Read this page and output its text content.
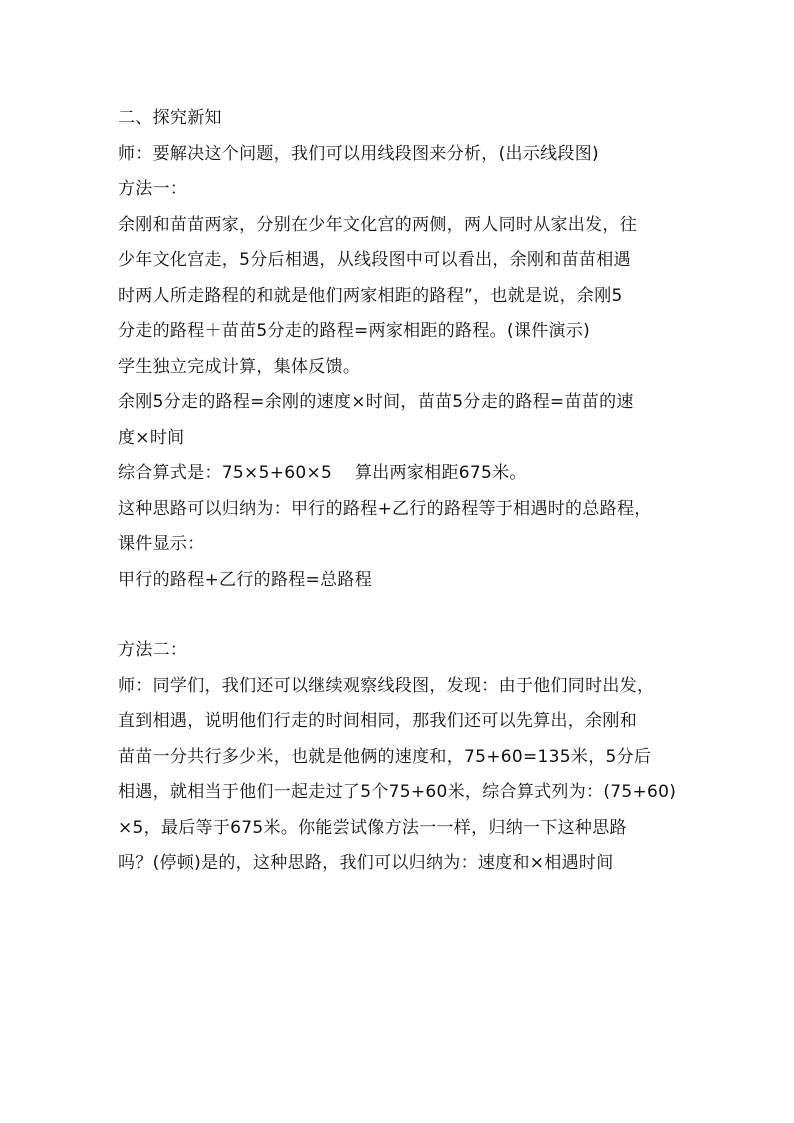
二、探究新知
师：要解决这个问题，我们可以用线段图来分析，(出示线段图)
方法一：
余刚和苗苗两家，分别在少年文化宫的两侧，两人同时从家出发，往
少年文化宫走，5分后相遇，从线段图中可以看出，余刚和苗苗相遇
时两人所走路程的和就是他们两家相距的路程”，也就是说，余刚5
分走的路程＋苗苗5分走的路程=两家相距的路程。(课件演示)
学生独立完成计算，集体反馈。
余刚5分走的路程=余刚的速度×时间，苗苗5分走的路程=苗苗的速
度×时间
综合算式是：75×5+60×5    算出两家相距675米。
这种思路可以归纳为：甲行的路程+乙行的路程等于相遇时的总路程，
课件显示：
甲行的路程+乙行的路程=总路程
方法二：
师：同学们，我们还可以继续观察线段图，发现：由于他们同时出发，
直到相遇，说明他们行走的时间相同，那我们还可以先算出，余刚和
苗苗一分共行多少米，也就是他俩的速度和，75+60=135米，5分后
相遇，就相当于他们一起走过了5个75+60米，综合算式列为：(75+60)
×5，最后等于675米。你能尝试像方法一一样，归纳一下这种思路
吗？(停顿)是的，这种思路，我们可以归纳为：速度和×相遇时间
